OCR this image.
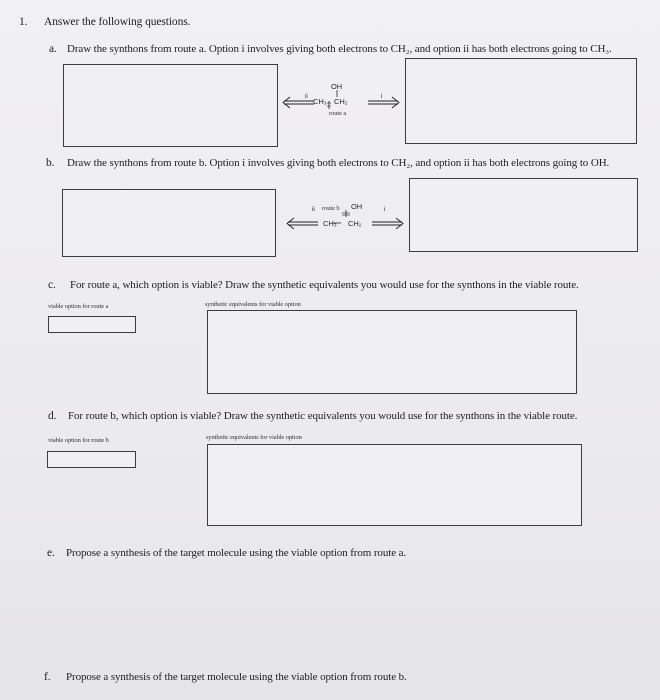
1. Answer the following questions.
a. Draw the synthons from route a. Option i involves giving both electrons to CH₂, and option ii has both electrons going to CH₃.
ii	i
OH
CH₃ CH₂
route a
b. Draw the synthons from route b. Option i involves giving both electrons to CH₂, and option ii has both electrons going to OH.
ii	i
route b OH
CH₃ CH₂
c. For route a, which option is viable? Draw the synthetic equivalents you would use for the synthons in the viable route.
viable option for route a	synthetic equivalents for viable option
d. For route b, which option is viable? Draw the synthetic equivalents you would use for the synthons in the viable route.
viable option for route b	synthetic equivalents for viable option
e. Propose a synthesis of the target molecule using the viable option from route a.
f. Propose a synthesis of the target molecule using the viable option from route b.
